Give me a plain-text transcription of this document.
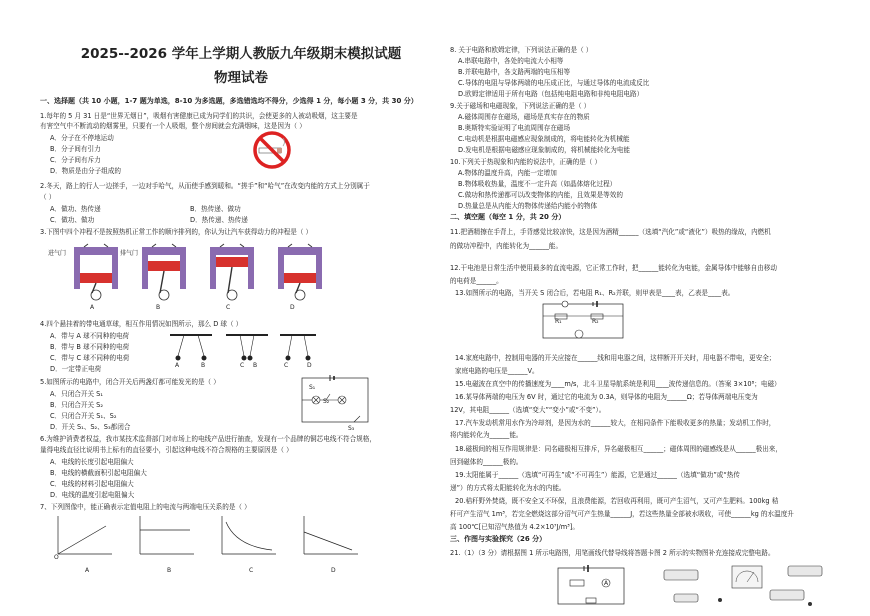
2025--2026 学年上学期人教版九年级期末模拟试题
物理试卷
一、选择题（共 10 小题，1-7 题为单选，8-10 为多选题，多选错选均不得分，少选得 1 分，每小题 3 分，共 30 分）
1.每年的 5 月 31 日是“世界无烟日”，吸烟有害健康已成为同学们的共识，会使更多的人被动吸烟，这主要是
有害空气中不断流动的烟雾里，只要有一个人吸烟，整个房间就会充满烟味，这是因为（ ）
A．分子在不停地运动
B．分子间有引力
C．分子间有斥力
D．物质是由分子组成的
2.冬天，路上的行人一边搓手，一边对手哈气，从而使手感到暖和。“搓手”和“哈气”在改变内能的方式上分别属于
（ ）
A．做功、热传递	B．热传递、做功
C．做功、做功	D．热传递、热传递
3.下图中四个冲程不是按照热机正常工作的顺序排列的，你认为让汽车获得动力的冲程是（ ）
进气门	排气门
A	B	C	D
4.四个悬挂着的带电通草球，相互作用情况如图所示，那么 D 球（ ）
A．带与 A 球不同种的电荷
B．带与 B 球不同种的电荷
C．带与 C 球不同种的电荷
D．一定带正电荷	A	B	C B	C	D
5.如图所示的电路中，闭合开关后两盏灯都可能发光的是（ ）
A．只闭合开关 S₁
B．只闭合开关 S₂
C．只闭合开关 S₁、S₂
D．开关 S₁、S₂、S₃都闭合
S₁
S₂
S₃
6.为维护消费者权益，我市某技术监督部门对市场上的电线产品进行抽查，发现有一个品牌的铜芯电线不符合规格，
量得电线直径比说明书上标有的直径要小，引起这种电线不符合规格的主要原因是（ ）
A．电线的长度引起电阻偏大
B．电线的横截面积引起电阻偏大
C．电线的材料引起电阻偏大
D．电线的温度引起电阻偏大
7、下列图像中，能正确表示定值电阻上的电流与两端电压关系的是（ ）
O
A	B	C	D
8. 关于电路和欧姆定律，下列说法正确的是（ ）
A.串联电路中，各处的电流大小相等
B.并联电路中，各支路两端的电压相等
C.导体的电阻与导体两端的电压成正比，与通过导体的电流成反比
D.欧姆定律适用于所有电路（包括纯电阻电路和非纯电阻电路）
9.关于磁场和电磁现象，下列说法正确的是（ ）
A.磁体周围存在磁场，磁场是真实存在的物质
B.奥斯特实验证明了电流周围存在磁场
C.电动机是根据电磁感应现象制成的，将电能转化为机械能
D.发电机是根据电磁感应现象制成的，将机械能转化为电能
10.下列关于热现象和内能的说法中，正确的是（ ）
A.物体的温度升高，内能一定增加
B.物体吸收热量，温度不一定升高（如晶体熔化过程）
C.做功和热传递都可以改变物体的内能，且效果是等效的
D.热量总是从内能大的物体传递给内能小的物体
二、填空题（每空 1 分，共 20 分）
11.把酒精擦在手背上，手背感觉比较凉快，这是因为酒精______（选填“汽化”或“液化”）吸热的缘故，内燃机
的做功冲程中，内能转化为______能。
12.干电池是日常生活中使用最多的直流电源，它正常工作时，把______能转化为电能，金属导体中能够自由移动
的电荷是______。
13.如图所示的电路，当开关 S 闭合后，若电阻 R₁、R₂并联，则甲表是____表，乙表是____表。
R₁	R₂
14.家庭电路中，控制用电器的开关应接在______线和用电器之间，这样断开开关时，用电器不带电，更安全；
家庭电路的电压是______V。
15.电磁波在真空中的传播速度为____m/s，北斗卫星导航系统是利用____波传递信息的。（答案 3×10⁸；电磁）
16.某导体两端的电压为 6V 时，通过它的电流为 0.3A，则导体的电阻为______Ω；若导体两端电压变为
12V，其电阻______（选填“变大”“变小”或“不变”）。
17.汽车发动机常用水作为冷却剂，是因为水的______较大，在相同条件下能吸收更多的热量；发动机工作时，
将内能转化为______能。
18.磁极间的相互作用规律是：同名磁极相互排斥，异名磁极相互______；磁体周围的磁感线是从______极出来，
回到磁体的______极的。
19.太阳能属于______（选填“可再生”或“不可再生”）能源，它是通过______（选填“做功”或“热传
递”）的方式将太阳能转化为水的内能。
20.秸秆野外焚烧，既不安全又不环保，且浪费能源，若回收再利用，既可产生沼气，又可产生肥料。100kg 秸
秆可产生沼气 1m³，若完全燃烧这部分沼气可产生热量______J，若这些热量全部被水吸收，可使______kg 的水温度升
高 100℃[已知沼气热值为 4.2×10⁷J/m³]。
三、作图与实验探究（26 分）
21.（1）（3 分）请根据图 1 所示电路图，用笔画线代替导线将答题卡图 2 所示的实物图补充连接成完整电路。
A
